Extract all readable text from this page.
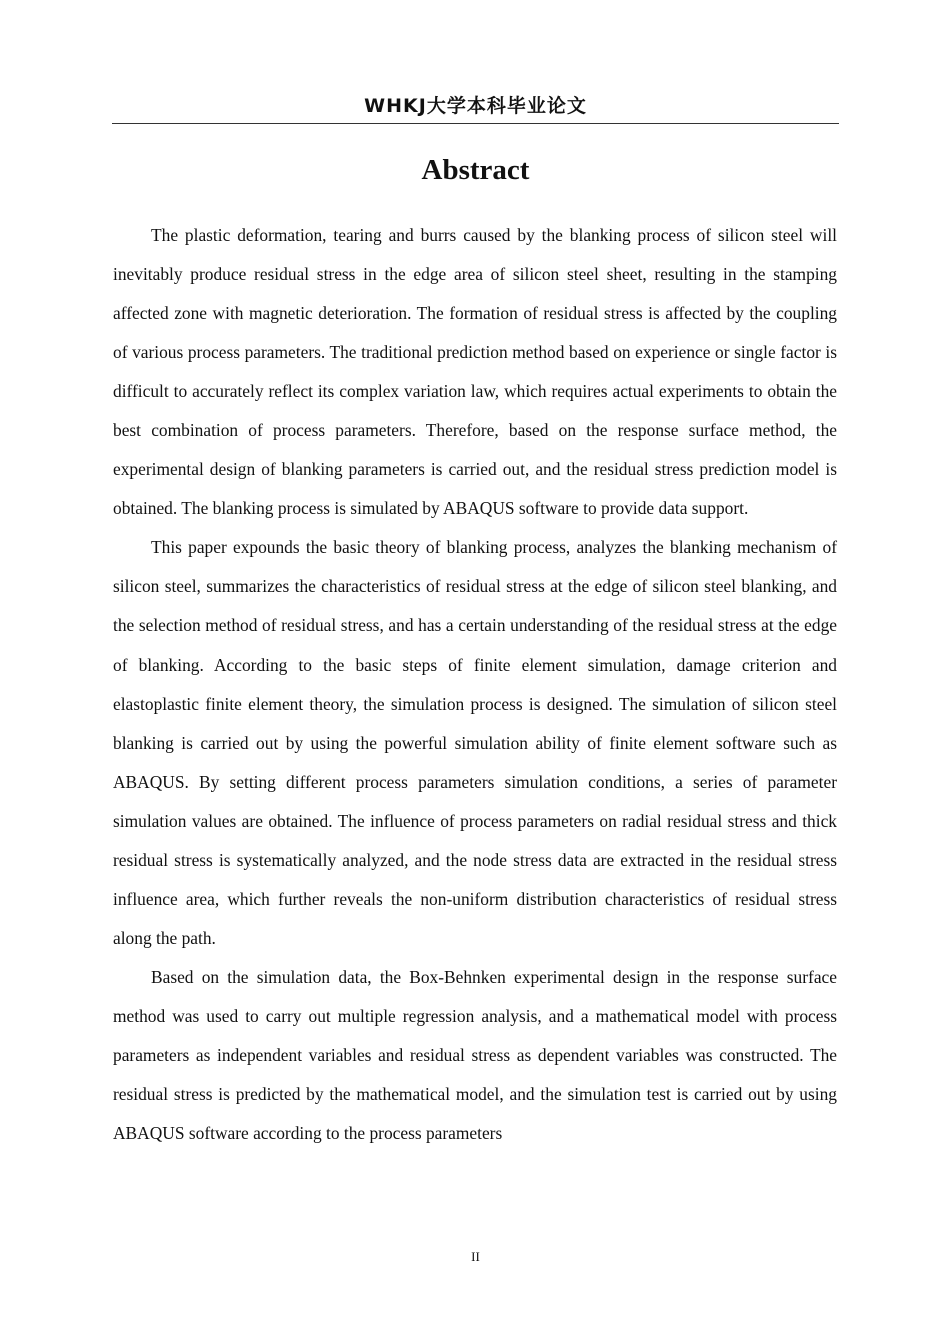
WHKJ大学本科毕业论文
Abstract

The plastic deformation, tearing and burrs caused by the blanking process of silicon steel will inevitably produce residual stress in the edge area of silicon steel sheet, resulting in the stamping affected zone with magnetic deterioration. The formation of residual stress is affected by the coupling of various process parameters. The traditional prediction method based on experience or single factor is difficult to accurately reflect its complex variation law, which requires actual experiments to obtain the best combination of process parameters. Therefore, based on the response surface method, the experimental design of blanking parameters is carried out, and the residual stress prediction model is obtained. The blanking process is simulated by ABAQUS software to provide data support.

This paper expounds the basic theory of blanking process, analyzes the blanking mechanism of silicon steel, summarizes the characteristics of residual stress at the edge of silicon steel blanking, and the selection method of residual stress, and has a certain understanding of the residual stress at the edge of blanking. According to the basic steps of finite element simulation, damage criterion and elastoplastic finite element theory, the simulation process is designed. The simulation of silicon steel blanking is carried out by using the powerful simulation ability of finite element software such as ABAQUS. By setting different process parameters simulation conditions, a series of parameter simulation values are obtained. The influence of process parameters on radial residual stress and thick residual stress is systematically analyzed, and the node stress data are extracted in the residual stress influence area, which further reveals the non-uniform distribution characteristics of residual stress along the path.

Based on the simulation data, the Box-Behnken experimental design in the response surface method was used to carry out multiple regression analysis, and a mathematical model with process parameters as independent variables and residual stress as dependent variables was constructed. The residual stress is predicted by the mathematical model, and the simulation test is carried out by using ABAQUS software according to the process parameters

II
